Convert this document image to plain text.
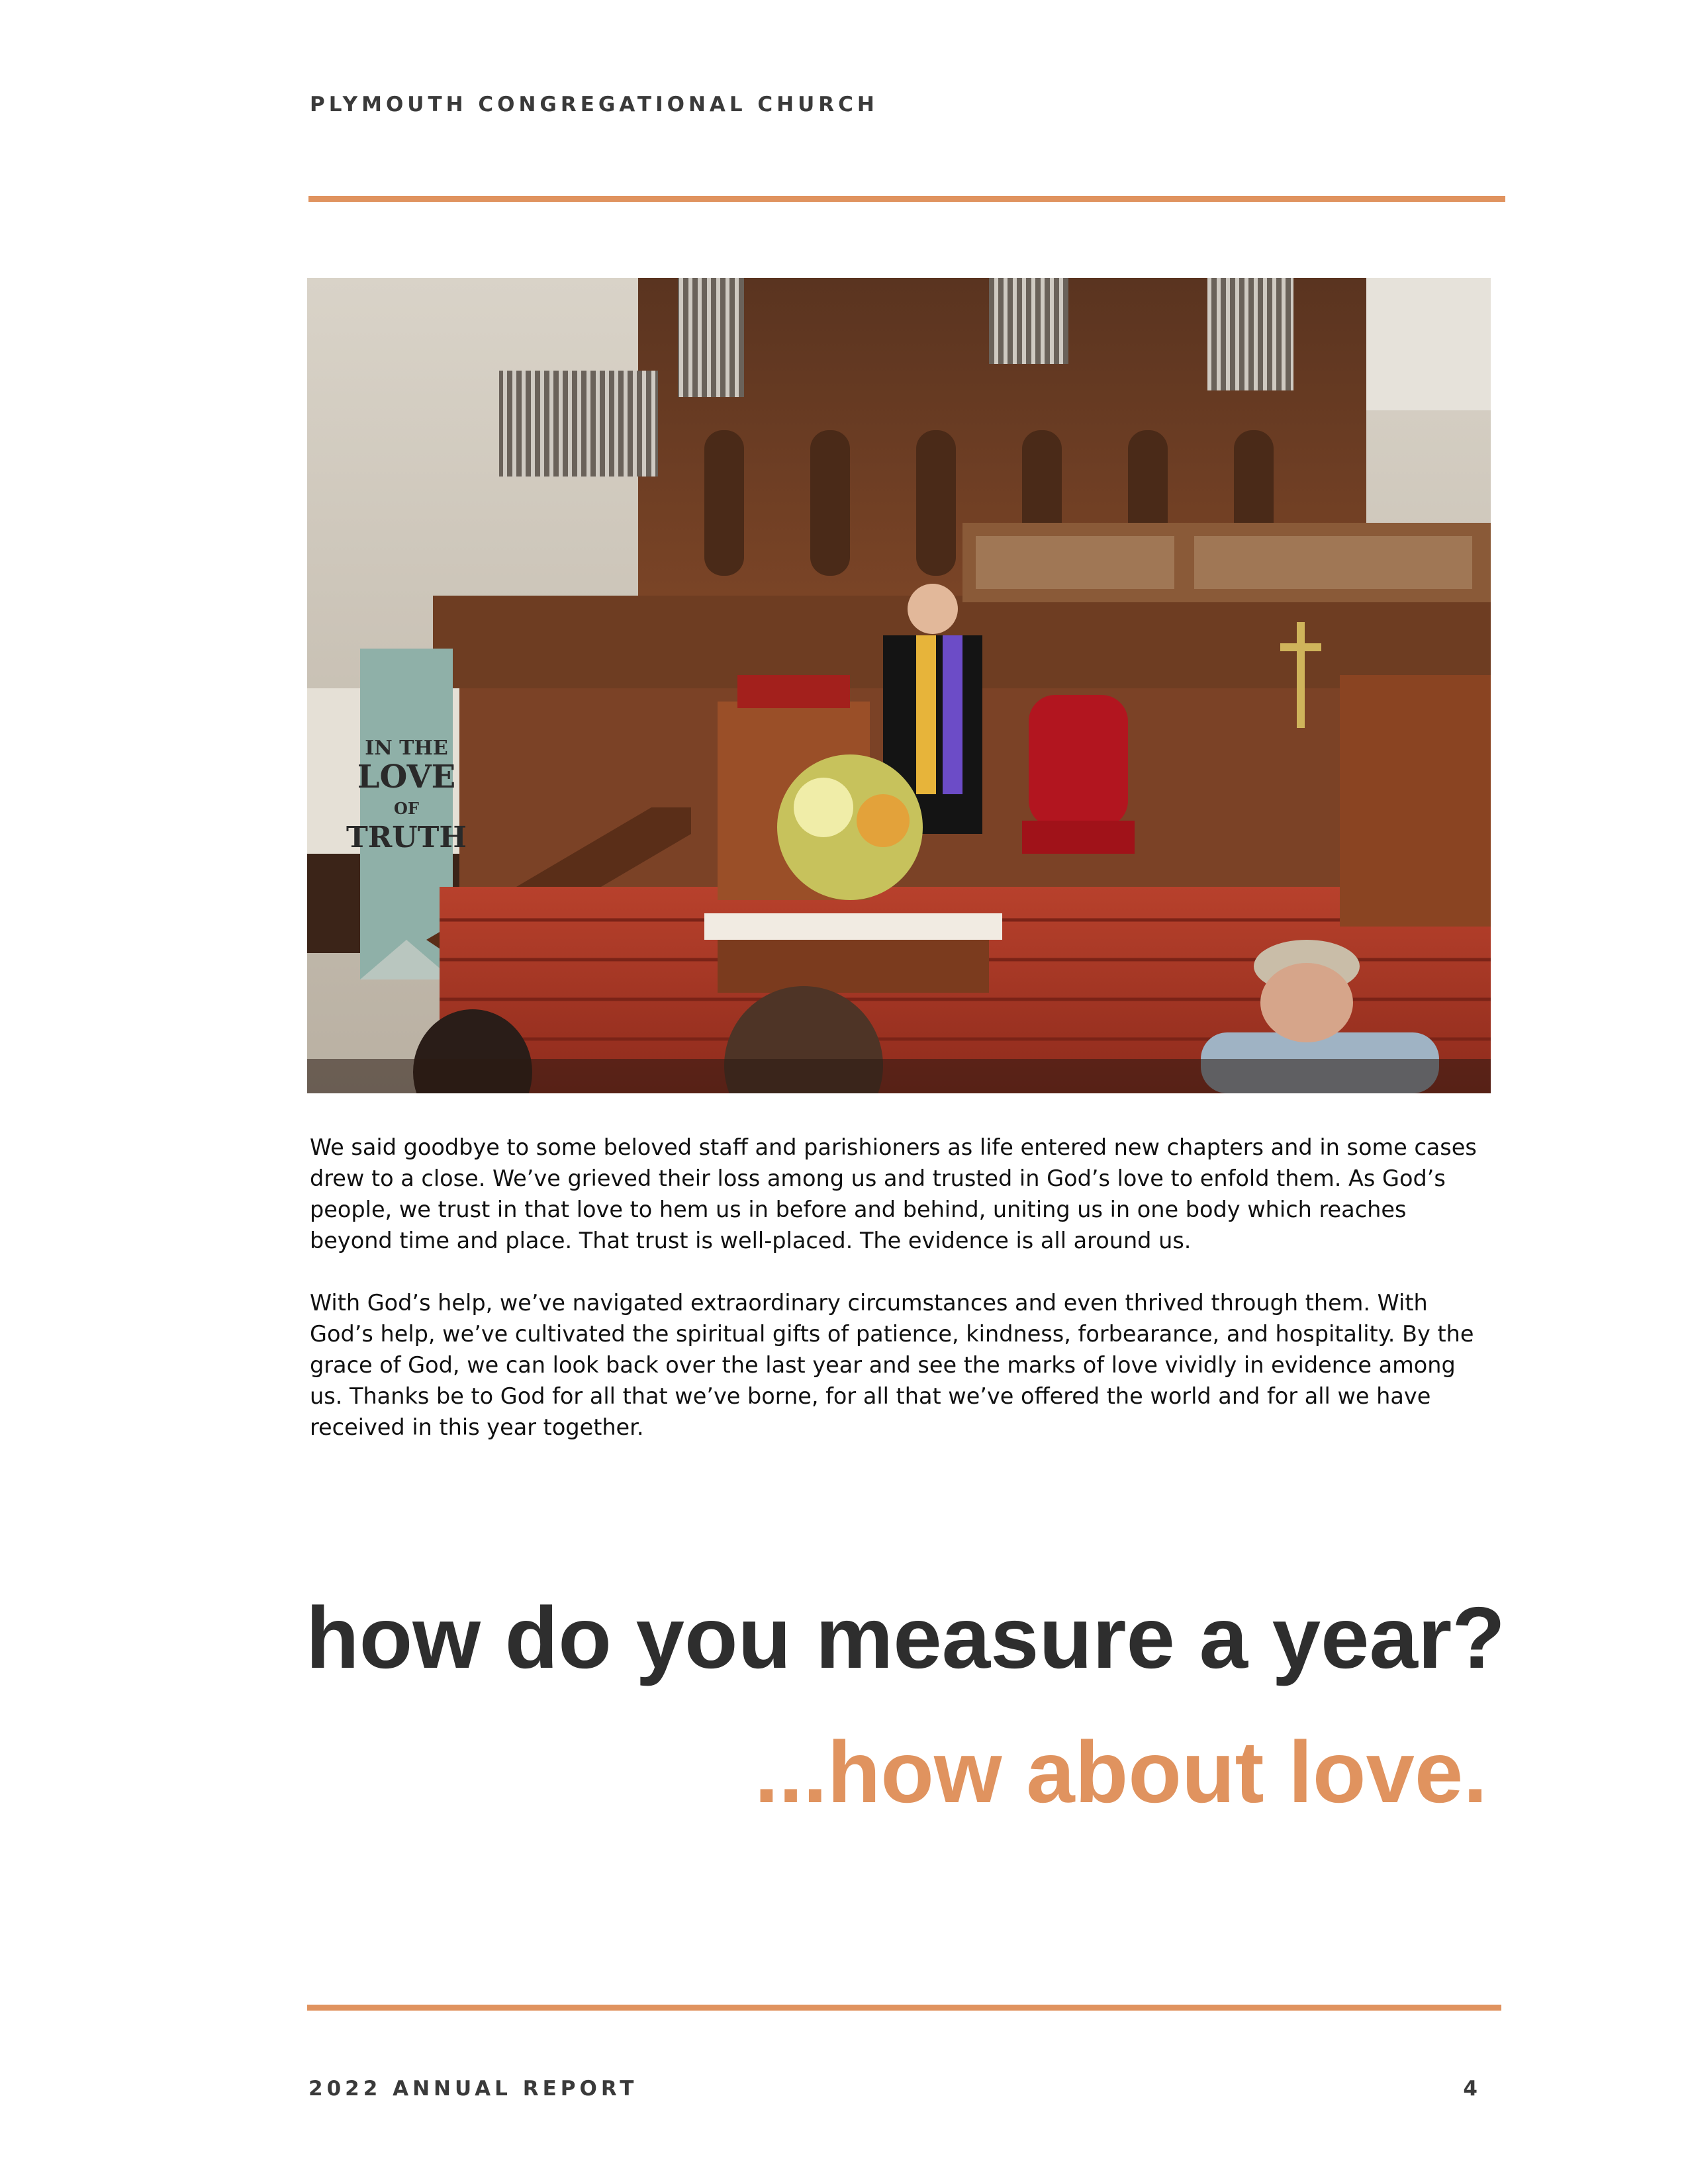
PLYMOUTH CONGREGATIONAL CHURCH
IN THE
LOVE
OF
TRUTH

We said goodbye to some beloved staff and parishioners as life entered new chapters and in some cases drew to a close. We’ve grieved their loss among us and trusted in God’s love to enfold them. As God’s people, we trust in that love to hem us in before and behind, uniting us in one body which reaches beyond time and place. That trust is well-placed. The evidence is all around us.

With God’s help, we’ve navigated extraordinary circumstances and even thrived through them. With God’s help, we’ve cultivated the spiritual gifts of patience, kindness, forbearance, and hospitality. By the grace of God, we can look back over the last year and see the marks of love vividly in evidence among us. Thanks be to God for all that we’ve borne, for all that we’ve offered the world and for all we have received in this year together.

how do you measure a year?
...how about love.
2022 ANNUAL REPORT	4
